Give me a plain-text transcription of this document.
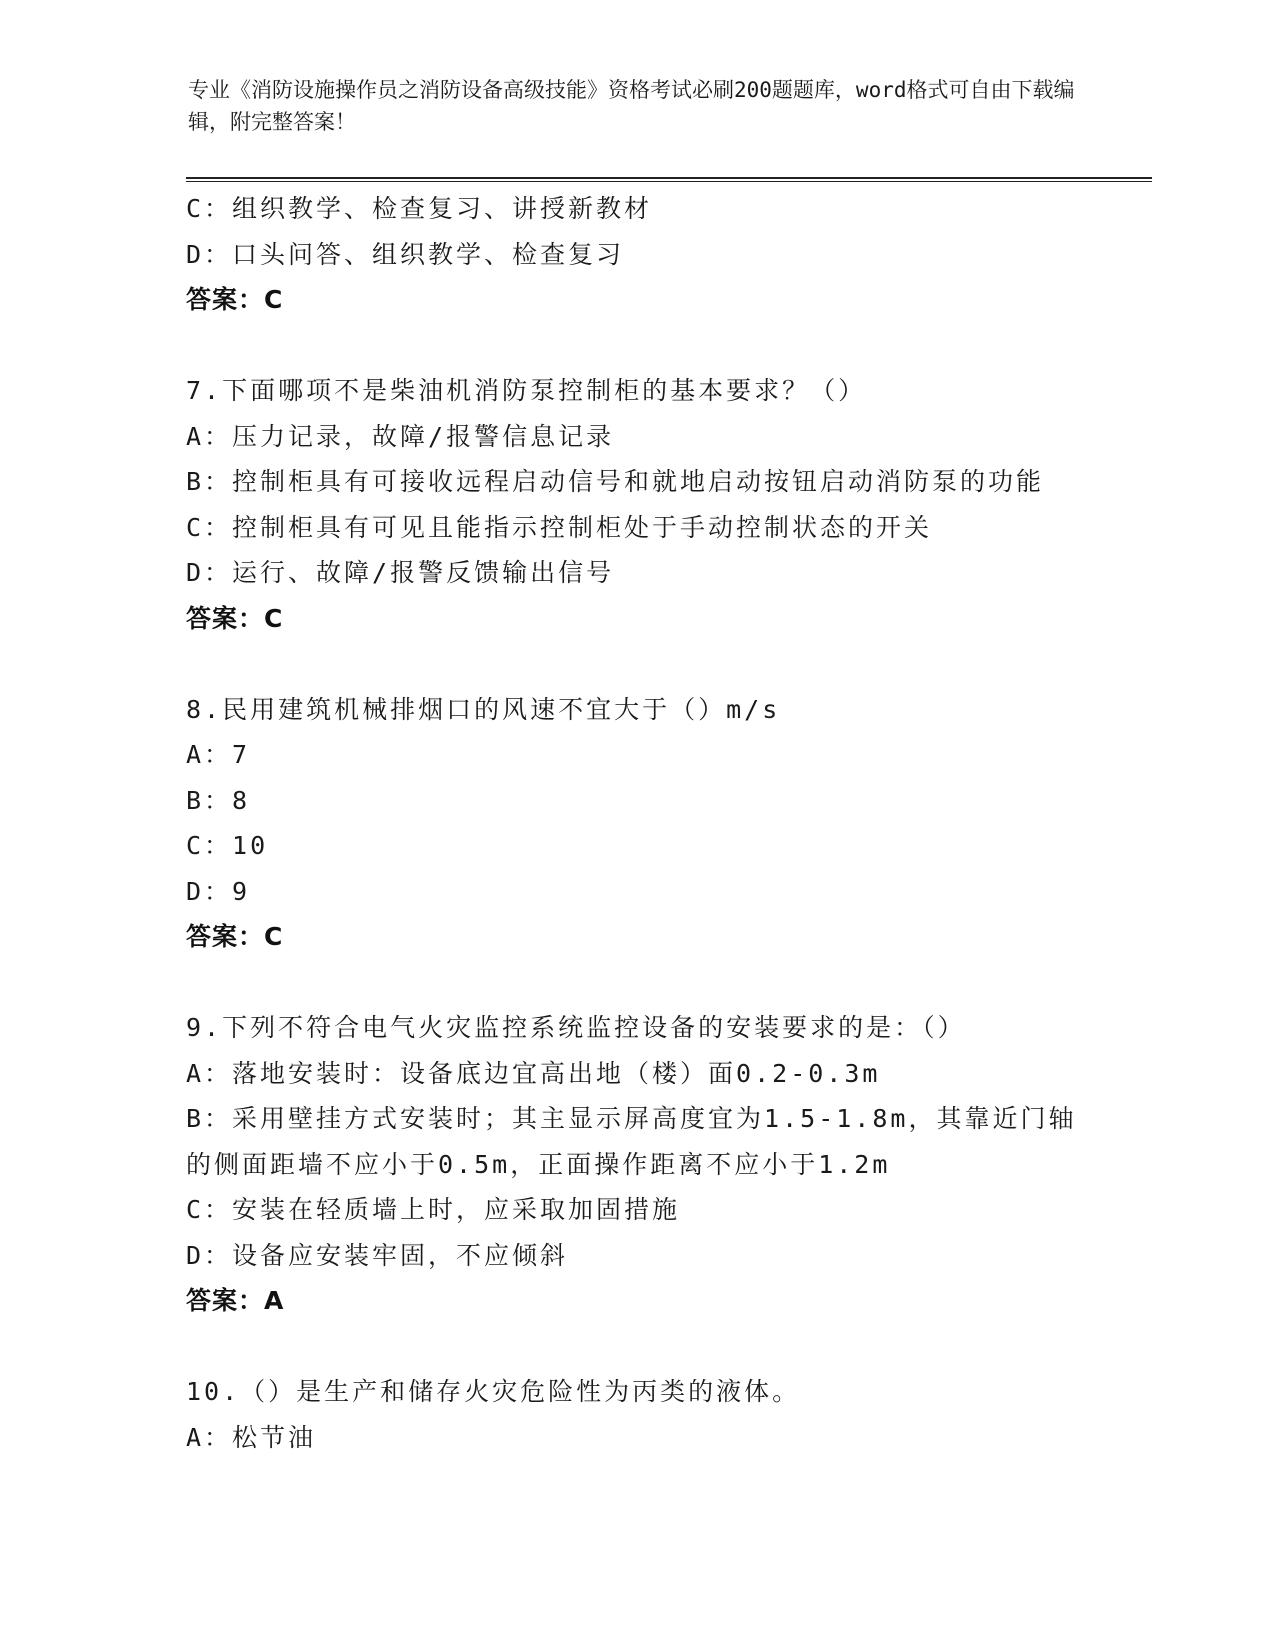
专业《消防设施操作员之消防设备高级技能》资格考试必刷200题题库，word格式可自由下载编辑，附完整答案！
C：组织教学、检查复习、讲授新教材
D：口头问答、组织教学、检查复习
答案：C
7.下面哪项不是柴油机消防泵控制柜的基本要求？（）
A：压力记录，故障/报警信息记录
B：控制柜具有可接收远程启动信号和就地启动按钮启动消防泵的功能
C：控制柜具有可见且能指示控制柜处于手动控制状态的开关
D：运行、故障/报警反馈输出信号
答案：C
8.民用建筑机械排烟口的风速不宜大于（）m/s
A：7
B：8
C：10
D：9
答案：C
9.下列不符合电气火灾监控系统监控设备的安装要求的是：（）
A：落地安装时：设备底边宜高出地（楼）面0.2-0.3m
B：采用壁挂方式安装时；其主显示屏高度宜为1.5-1.8m，其靠近门轴的侧面距墙不应小于0.5m，正面操作距离不应小于1.2m
C：安装在轻质墙上时，应采取加固措施
D：设备应安装牢固，不应倾斜
答案：A
10.（）是生产和储存火灾危险性为丙类的液体。
A：松节油
